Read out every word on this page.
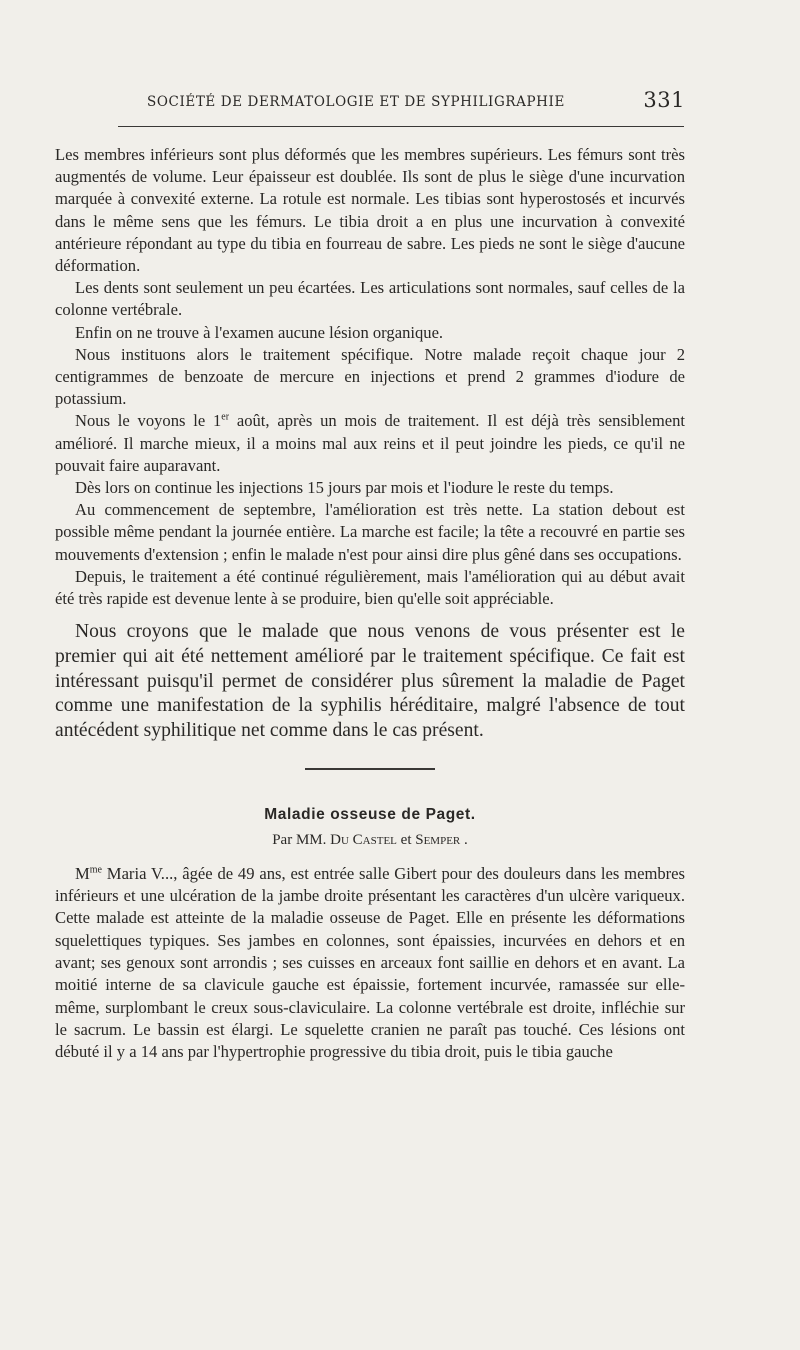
SOCIÉTÉ DE DERMATOLOGIE ET DE SYPHILIGRAPHIE	331

Les membres inférieurs sont plus déformés que les membres supérieurs. Les fémurs sont très augmentés de volume. Leur épaisseur est doublée. Ils sont de plus le siège d'une incurvation marquée à convexité externe. La rotule est normale. Les tibias sont hyperostosés et incurvés dans le même sens que les fémurs. Le tibia droit a en plus une incurvation à convexité antérieure répondant au type du tibia en fourreau de sabre. Les pieds ne sont le siège d'aucune déformation.

Les dents sont seulement un peu écartées. Les articulations sont normales, sauf celles de la colonne vertébrale.

Enfin on ne trouve à l'examen aucune lésion organique.

Nous instituons alors le traitement spécifique. Notre malade reçoit chaque jour 2 centigrammes de benzoate de mercure en injections et prend 2 grammes d'iodure de potassium.

Nous le voyons le 1er août, après un mois de traitement. Il est déjà très sensiblement amélioré. Il marche mieux, il a moins mal aux reins et il peut joindre les pieds, ce qu'il ne pouvait faire auparavant.

Dès lors on continue les injections 15 jours par mois et l'iodure le reste du temps.

Au commencement de septembre, l'amélioration est très nette. La station debout est possible même pendant la journée entière. La marche est facile; la tête a recouvré en partie ses mouvements d'extension ; enfin le malade n'est pour ainsi dire plus gêné dans ses occupations.

Depuis, le traitement a été continué régulièrement, mais l'amélioration qui au début avait été très rapide est devenue lente à se produire, bien qu'elle soit appréciable.

Nous croyons que le malade que nous venons de vous présenter est le premier qui ait été nettement amélioré par le traitement spécifique. Ce fait est intéressant puisqu'il permet de considérer plus sûrement la maladie de Paget comme une manifestation de la syphilis héréditaire, malgré l'absence de tout antécédent syphilitique net comme dans le cas présent.

Maladie osseuse de Paget.
Par MM. Du Castel et Semper .

$M^{me}$ Maria V..., âgée de 49 ans, est entrée salle Gibert pour des douleurs dans les membres inférieurs et une ulcération de la jambe droite présentant les caractères d'un ulcère variqueux. Cette malade est atteinte de la maladie osseuse de Paget. Elle en présente les déformations squelettiques typiques. Ses jambes en colonnes, sont épaissies, incurvées en dehors et en avant; ses genoux sont arrondis ; ses cuisses en arceaux font saillie en dehors et en avant. La moitié interne de sa clavicule gauche est épaissie, fortement incurvée, ramassée sur elle-même, surplombant le creux sous-claviculaire. La colonne vertébrale est droite, infléchie sur le sacrum. Le bassin est élargi. Le squelette cranien ne paraît pas touché. Ces lésions ont débuté il y a 14 ans par l'hypertrophie progressive du tibia droit, puis le tibia gauche
